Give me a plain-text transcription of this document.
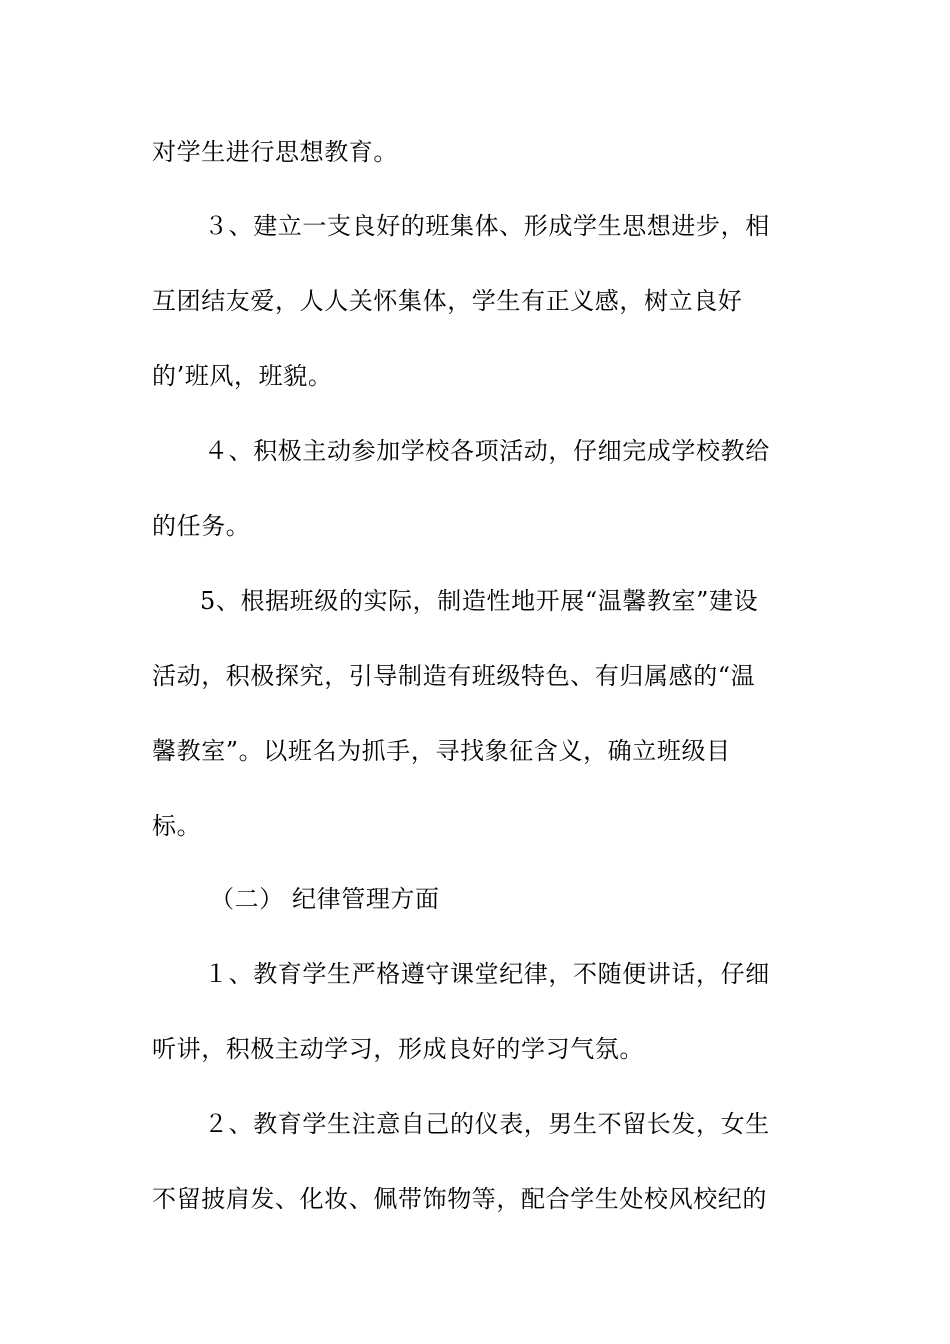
对学生进行思想教育。
３、建立一支良好的班集体、形成学生思想进步，相
互团结友爱，人人关怀集体，学生有正义感，树立良好
的’班风，班貌。
４、积极主动参加学校各项活动，仔细完成学校教给
的任务。
5、根据班级的实际，制造性地开展“温馨教室”建设
活动，积极探究，引导制造有班级特色、有归属感的“温
馨教室”。以班名为抓手，寻找象征含义，确立班级目
标。
（二） 纪律管理方面
１、教育学生严格遵守课堂纪律，不随便讲话，仔细
听讲，积极主动学习，形成良好的学习气氛。
２、教育学生注意自己的仪表，男生不留长发，女生
不留披肩发、化妆、佩带饰物等，配合学生处校风校纪的
